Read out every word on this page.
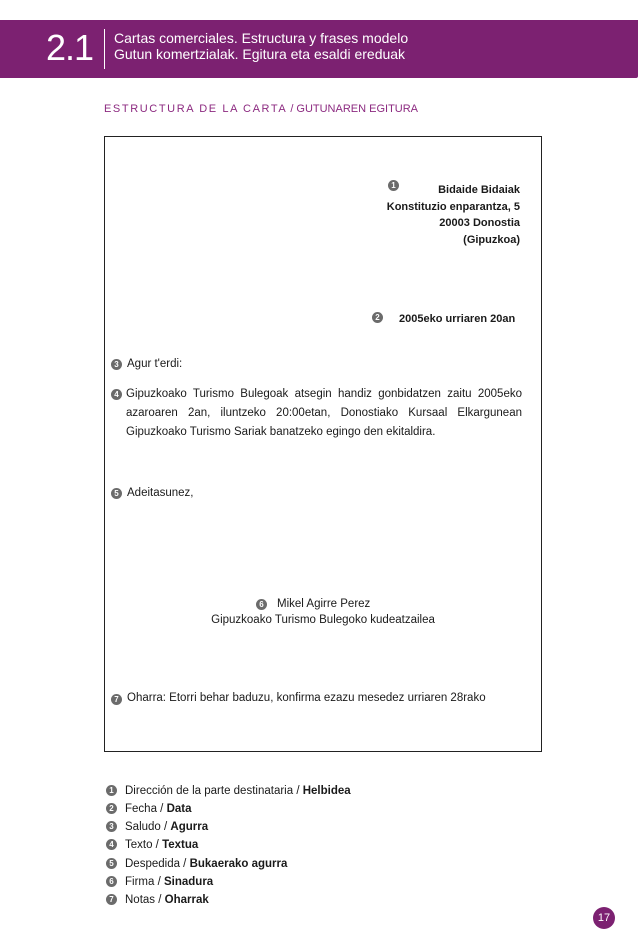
2.1 Cartas comerciales. Estructura y frases modelo
Gutun komertzialak. Egitura eta esaldi ereduak
ESTRUCTURA DE LA CARTA / GUTUNAREN EGITURA
1	Bidaide Bidaiak
Konstituzio enparantza, 5
20003 Donostia
(Gipuzkoa)
2 2005eko urriaren 20an
3 Agur t'erdi:
4 Gipuzkoako Turismo Bulegoak atsegin handiz gonbidatzen zaitu 2005eko azaroaren 2an, iluntzeko 20:00etan, Donostiako Kursaal Elkargunean Gipuzkoako Turismo Sariak banatzeko egingo den ekitaldira.
5 Adeitasunez,
6 Mikel Agirre Perez
Gipuzkoako Turismo Bulegoko kudeatzailea
7 Oharra: Etorri behar baduzu, konfirma ezazu mesedez urriaren 28rako
1 Dirección de la parte destinataria / Helbidea
2 Fecha / Data
3 Saludo / Agurra
4 Texto / Textua
5 Despedida / Bukaerako agurra
6 Firma / Sinadura
7 Notas / Oharrak
17
